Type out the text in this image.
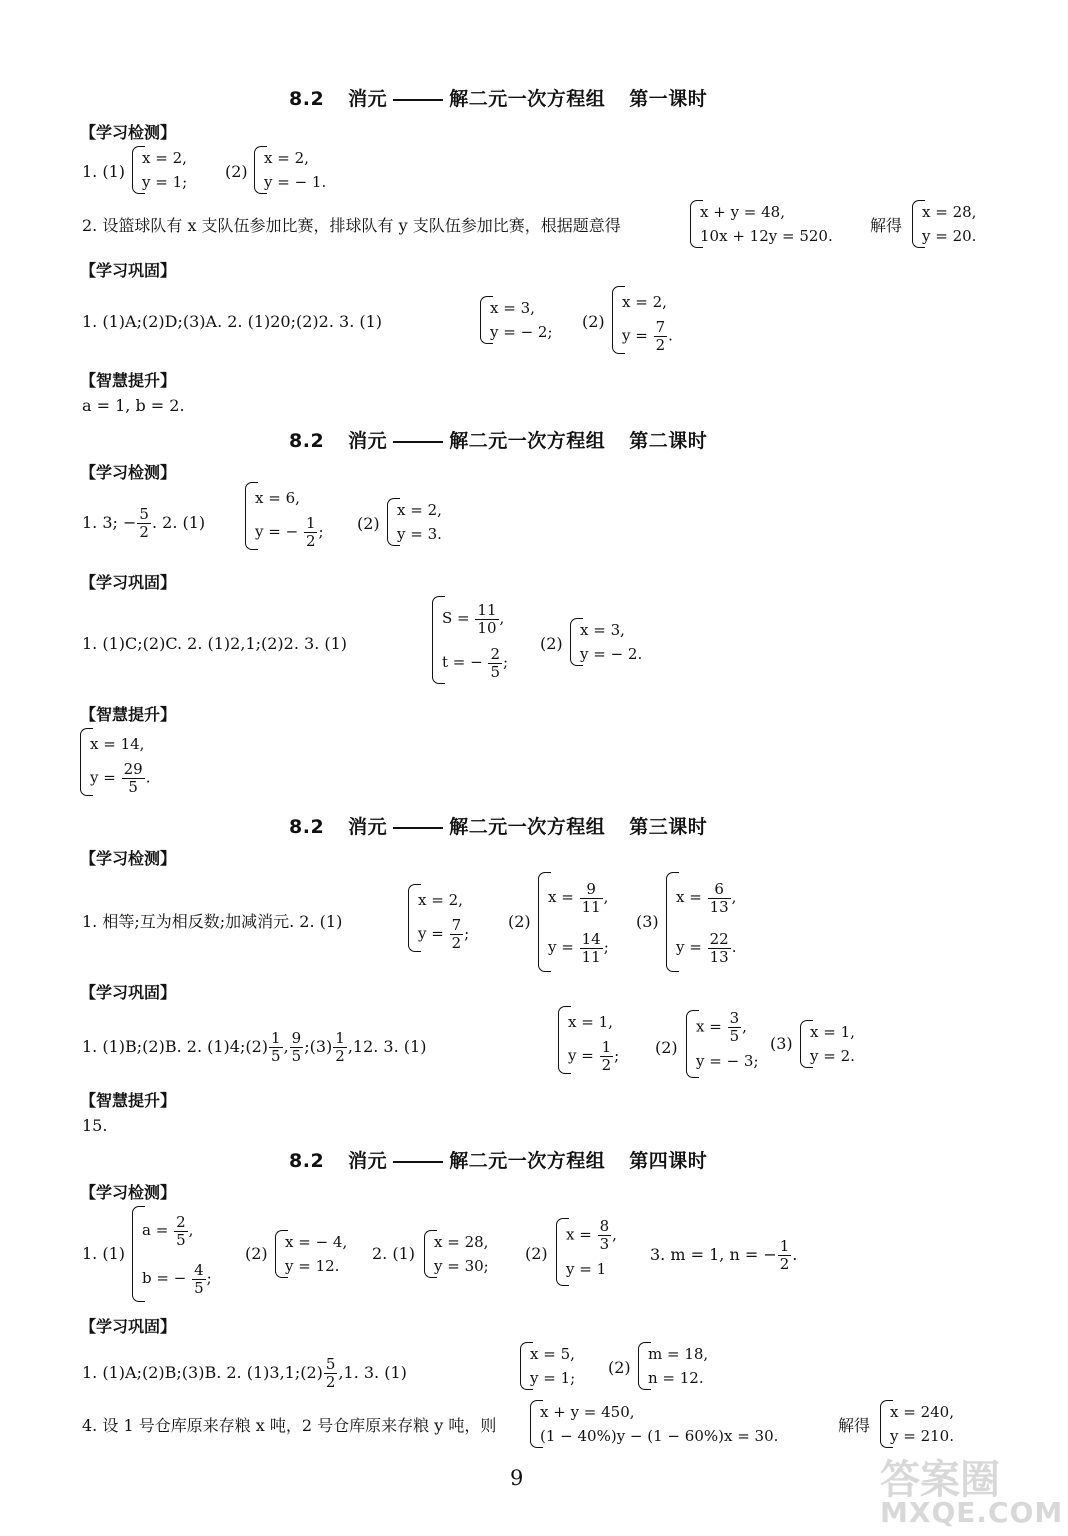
8.2 消元	解二元一次方程组 第一课时
【学习检测】
1. (1)
x = 2,
y = 1;
(2)
x = 2,
y = − 1.
2. 设篮球队有 x 支队伍参加比赛，排球队有 y 支队伍参加比赛，根据题意得
x + y = 48,
10x + 12y = 520.
解得
x = 28,
y = 20.
【学习巩固】
1. (1)A;(2)D;(3)A. 2. (1)20;(2)2. 3. (1)
x = 3,
y = − 2;
(2)
x = 2,
$y = \frac{7}{2}$ .
【智慧提升】
a = 1, b = 2.
8.2 消元	解二元一次方程组 第二课时
【学习检测】
1. 3; − $\frac{5}{2}$ . 2. (1)
x = 6,
y = − $\frac{1}{2}$ ; (2)
x = 2,
y = 3.
【学习巩固】
1. (1)C;(2)C. 2. (1)2,1;(2)2. 3. (1)
$S = \frac{11}{10}$ ,
t = − $\frac{2}{5}$ ;
(2)
x = 3,
y = − 2.
【智慧提升】
x = 14,
$y = \frac{29}{5}$ .
8.2 消元	解二元一次方程组 第三课时
【学习检测】
1. 相等;互为相反数;加减消元. 2. (1)
x = 2,
$y = \frac{7}{2}$ ;
(2)
$x = \frac{9}{11}$ ,
$y = \frac{14}{11}$ ;
(3)
$x = \frac{6}{13}$ ,
$y = \frac{22}{13}$ .
【学习巩固】
1. (1)B;(2)B. 2. (1)4;(2) $\frac{1}{5}$ , $\frac{9}{5}$ ;(3) $\frac{1}{2} ,12$. 3. (1)
x = 1,
$y = \frac{1}{2}$ ; (2)
$x = \frac{3}{5}$ ,
y = − 3;
(3)
x = 1,
y = 2.
【智慧提升】
15.
8.2 消元	解二元一次方程组 第四课时
【学习检测】
1. (1)
$a = \frac{2}{5}$ ,
b = − $\frac{4}{5}$ ;
(2)
x = − 4,
y = 12.
2. (1)
x = 28,
y = 30;
(2)
$x = \frac{8}{3}$ ,
y = 1
3. m = 1, n = − $\frac{1}{2}$ .
【学习巩固】
1. (1)A;(2)B;(3)B. 2. (1)3,1;(2) $\frac{5}{2} ,1$. 3. (1)
x = 5,
y = 1;
(2)
m = 18,
n = 12.
4. 设 1 号仓库原来存粮 x 吨，2 号仓库原来存粮 y 吨，则
x + y = 450,
(1 − 40%)y − (1 − 60%)x = 30.
解得
x = 240,
y = 210.
9	答案圈
MXQE.COM
